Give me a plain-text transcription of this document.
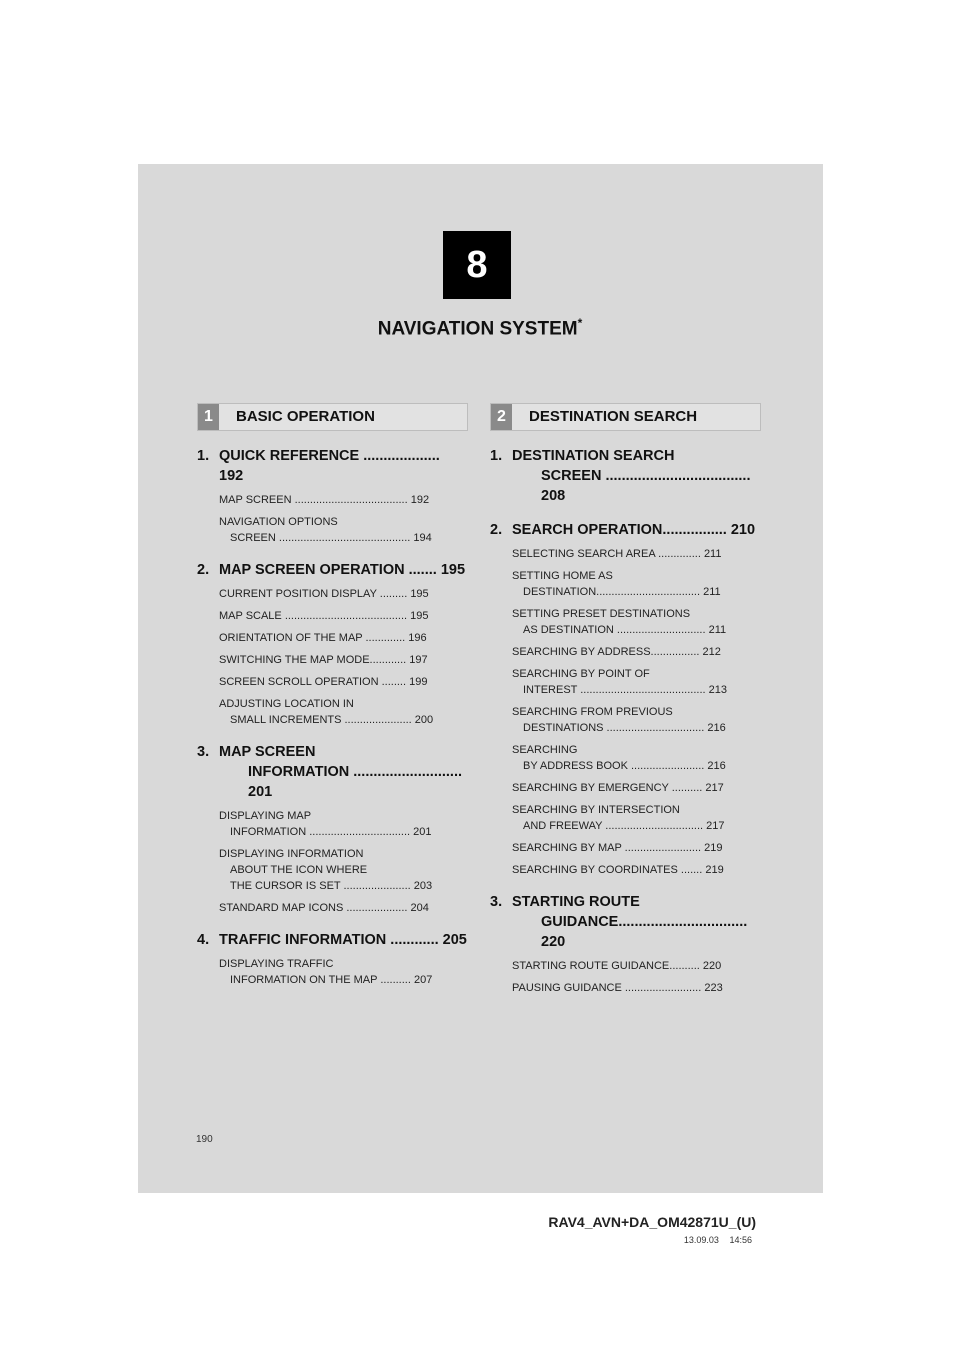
8
NAVIGATION SYSTEM*
1	BASIC OPERATION	2	DESTINATION SEARCH
1. QUICK REFERENCE ................... 192
MAP SCREEN ..................................... 192
NAVIGATION OPTIONS
SCREEN ........................................... 194
2. MAP SCREEN OPERATION ....... 195
CURRENT POSITION DISPLAY ......... 195
MAP SCALE ........................................ 195
ORIENTATION OF THE MAP ............. 196
SWITCHING THE MAP MODE............ 197
SCREEN SCROLL OPERATION ........ 199
ADJUSTING LOCATION IN
SMALL INCREMENTS ...................... 200
3. MAP SCREEN
INFORMATION ........................... 201
DISPLAYING MAP
INFORMATION ................................. 201
DISPLAYING INFORMATION
ABOUT THE ICON WHERE
THE CURSOR IS SET ...................... 203
STANDARD MAP ICONS .................... 204
4. TRAFFIC INFORMATION ............ 205
DISPLAYING TRAFFIC
INFORMATION ON THE MAP .......... 207
1. DESTINATION SEARCH
SCREEN .................................... 208
2. SEARCH OPERATION................ 210
SELECTING SEARCH AREA .............. 211
SETTING HOME AS
DESTINATION.................................. 211
SETTING PRESET DESTINATIONS
AS DESTINATION ............................. 211
SEARCHING BY ADDRESS................ 212
SEARCHING BY POINT OF
INTEREST ......................................... 213
SEARCHING FROM PREVIOUS
DESTINATIONS ................................ 216
SEARCHING
BY ADDRESS BOOK ........................ 216
SEARCHING BY EMERGENCY .......... 217
SEARCHING BY INTERSECTION
AND FREEWAY ................................ 217
SEARCHING BY MAP ......................... 219
SEARCHING BY COORDINATES ....... 219
3. STARTING ROUTE
GUIDANCE................................ 220
STARTING ROUTE GUIDANCE.......... 220
PAUSING GUIDANCE ......................... 223
190
RAV4_AVN+DA_OM42871U_(U)
13.09.03 14:56
